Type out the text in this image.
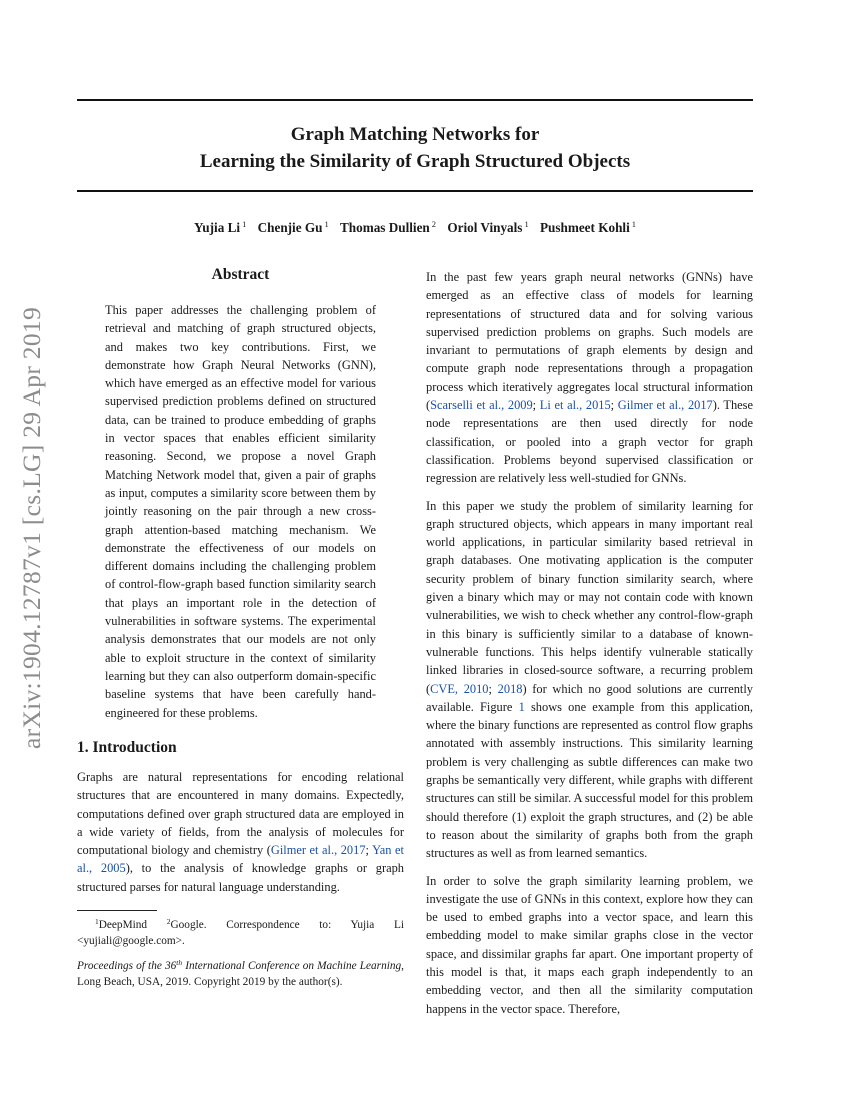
Graph Matching Networks for
Learning the Similarity of Graph Structured Objects
Yujia Li $^1$ Chenjie Gu $^1$ Thomas Dullien $^2$ Oriol Vinyals $^1$ Pushmeet Kohli $^1$
arXiv:1904.12787v1 [cs.LG] 29 Apr 2019
Abstract
This paper addresses the challenging problem of retrieval and matching of graph structured objects, and makes two key contributions. First, we demonstrate how Graph Neural Networks (GNN), which have emerged as an effective model for various supervised prediction problems defined on structured data, can be trained to produce embedding of graphs in vector spaces that enables efficient similarity reasoning. Second, we propose a novel Graph Matching Network model that, given a pair of graphs as input, computes a similarity score between them by jointly reasoning on the pair through a new cross-graph attention-based matching mechanism. We demonstrate the effectiveness of our models on different domains including the challenging problem of control-flow-graph based function similarity search that plays an important role in the detection of vulnerabilities in software systems. The experimental analysis demonstrates that our models are not only able to exploit structure in the context of similarity learning but they can also outperform domain-specific baseline systems that have been carefully hand-engineered for these problems.
1. Introduction

Graphs are natural representations for encoding relational structures that are encountered in many domains. Expectedly, computations defined over graph structured data are employed in a wide variety of fields, from the analysis of molecules for computational biology and chemistry (Gilmer et al., 2017; Yan et al., 2005), to the analysis of knowledge graphs or graph structured parses for natural language understanding.

$^1$DeepMind $^2$Google. Correspondence to: Yujia Li <yujiali@google.com>.
Proceedings of the 36th International Conference on Machine Learning, Long Beach, USA, 2019. Copyright 2019 by the author(s).

In the past few years graph neural networks (GNNs) have emerged as an effective class of models for learning representations of structured data and for solving various supervised prediction problems on graphs. Such models are invariant to permutations of graph elements by design and compute graph node representations through a propagation process which iteratively aggregates local structural information (Scarselli et al., 2009; Li et al., 2015; Gilmer et al., 2017). These node representations are then used directly for node classification, or pooled into a graph vector for graph classification. Problems beyond supervised classification or regression are relatively less well-studied for GNNs.

In this paper we study the problem of similarity learning for graph structured objects, which appears in many important real world applications, in particular similarity based retrieval in graph databases. One motivating application is the computer security problem of binary function similarity search, where given a binary which may or may not contain code with known vulnerabilities, we wish to check whether any control-flow-graph in this binary is sufficiently similar to a database of known-vulnerable functions. This helps identify vulnerable statically linked libraries in closed-source software, a recurring problem (CVE, 2010; 2018) for which no good solutions are currently available. Figure 1 shows one example from this application, where the binary functions are represented as control flow graphs annotated with assembly instructions. This similarity learning problem is very challenging as subtle differences can make two graphs be semantically very different, while graphs with different structures can still be similar. A successful model for this problem should therefore (1) exploit the graph structures, and (2) be able to reason about the similarity of graphs both from the graph structures as well as from learned semantics.

In order to solve the graph similarity learning problem, we investigate the use of GNNs in this context, explore how they can be used to embed graphs into a vector space, and learn this embedding model to make similar graphs close in the vector space, and dissimilar graphs far apart. One important property of this model is that, it maps each graph independently to an embedding vector, and then all the similarity computation happens in the vector space. Therefore,
